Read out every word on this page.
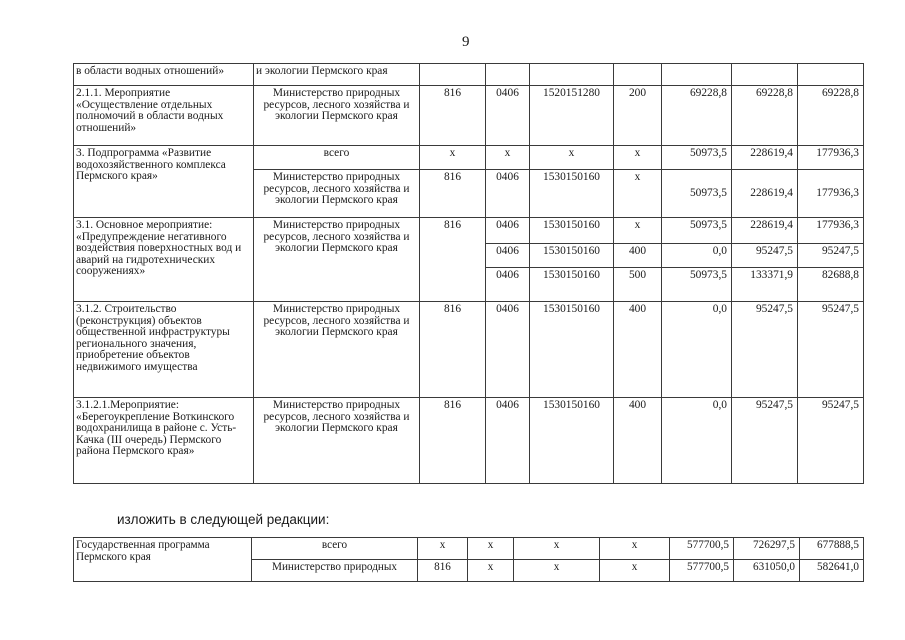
9
в области водных отношений»	и экологии Пермского края							
2.1.1. Мероприятие «Осуществление отдельных полномочий в области водных отношений»	Министерство природных ресурсов, лесного хозяйства и экологии Пермского края	816	0406	1520151280	200	69228,8	69228,8	69228,8
3. Подпрограмма «Развитие водохозяйственного комплекса Пермского края»	всего	х	х	х	х	50973,5	228619,4	177936,3
	Министерство природных ресурсов, лесного хозяйства и экологии Пермского края	816	0406	1530150160	х	50973,5	228619,4	177936,3
3.1. Основное мероприятие: «Предупреждение негативного воздействия поверхностных вод и аварий на гидротехнических сооружениях»	Министерство природных ресурсов, лесного хозяйства и экологии Пермского края	816	0406	1530150160	х	50973,5	228619,4	177936,3
			0406	1530150160	400	0,0	95247,5	95247,5
			0406	1530150160	500	50973,5	133371,9	82688,8
3.1.2. Строительство (реконструкция) объектов общественной инфраструктуры регионального значения, приобретение объектов недвижимого имущества	Министерство природных ресурсов, лесного хозяйства и экологии Пермского края	816	0406	1530150160	400	0,0	95247,5	95247,5
3.1.2.1.Мероприятие: «Берегоукрепление Воткинского водохранилища в районе с. Усть-Качка (III очередь) Пермского района Пермского края»	Министерство природных ресурсов, лесного хозяйства и экологии Пермского края	816	0406	1530150160	400	0,0	95247,5	95247,5
изложить в следующей редакции:
Государственная программа Пермского края	всего	х	х	х	х	577700,5	726297,5	677888,5
	Министерство природных	816	х	х	х	577700,5	631050,0	582641,0
